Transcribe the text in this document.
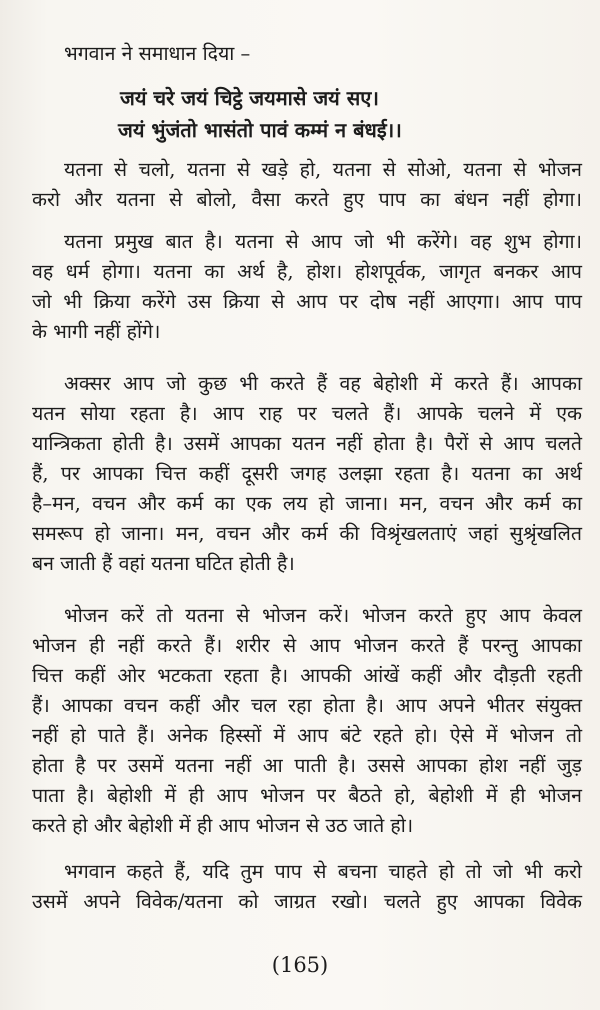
भगवान ने समाधान दिया –
जयं चरे जयं चिट्ठे जयमासे जयं सए।
जयं भुंजंतो भासंतो पावं कम्मं न बंधई।।
यतना से चलो, यतना से खड़े हो, यतना से सोओ, यतना से भोजन
करो और यतना से बोलो, वैसा करते हुए पाप का बंधन नहीं होगा।
यतना प्रमुख बात है। यतना से आप जो भी करेंगे। वह शुभ होगा।
वह धर्म होगा। यतना का अर्थ है, होश। होशपूर्वक, जागृत बनकर आप
जो भी क्रिया करेंगे उस क्रिया से आप पर दोष नहीं आएगा। आप पाप
के भागी नहीं होंगे।
अक्सर आप जो कुछ भी करते हैं वह बेहोशी में करते हैं। आपका
यतन सोया रहता है। आप राह पर चलते हैं। आपके चलने में एक
यान्त्रिकता होती है। उसमें आपका यतन नहीं होता है। पैरों से आप चलते
हैं, पर आपका चित्त कहीं दूसरी जगह उलझा रहता है। यतना का अर्थ
है–मन, वचन और कर्म का एक लय हो जाना। मन, वचन और कर्म का
समरूप हो जाना। मन, वचन और कर्म की विश्रृंखलताएं जहां सुश्रृंखलित
बन जाती हैं वहां यतना घटित होती है।
भोजन करें तो यतना से भोजन करें। भोजन करते हुए आप केवल
भोजन ही नहीं करते हैं। शरीर से आप भोजन करते हैं परन्तु आपका
चित्त कहीं ओर भटकता रहता है। आपकी आंखें कहीं और दौड़ती रहती
हैं। आपका वचन कहीं और चल रहा होता है। आप अपने भीतर संयुक्त
नहीं हो पाते हैं। अनेक हिस्सों में आप बंटे रहते हो। ऐसे में भोजन तो
होता है पर उसमें यतना नहीं आ पाती है। उससे आपका होश नहीं जुड़
पाता है। बेहोशी में ही आप भोजन पर बैठते हो, बेहोशी में ही भोजन
करते हो और बेहोशी में ही आप भोजन से उठ जाते हो।
भगवान कहते हैं, यदि तुम पाप से बचना चाहते हो तो जो भी करो
उसमें अपने विवेक/यतना को जाग्रत रखो। चलते हुए आपका विवेक
(165)
